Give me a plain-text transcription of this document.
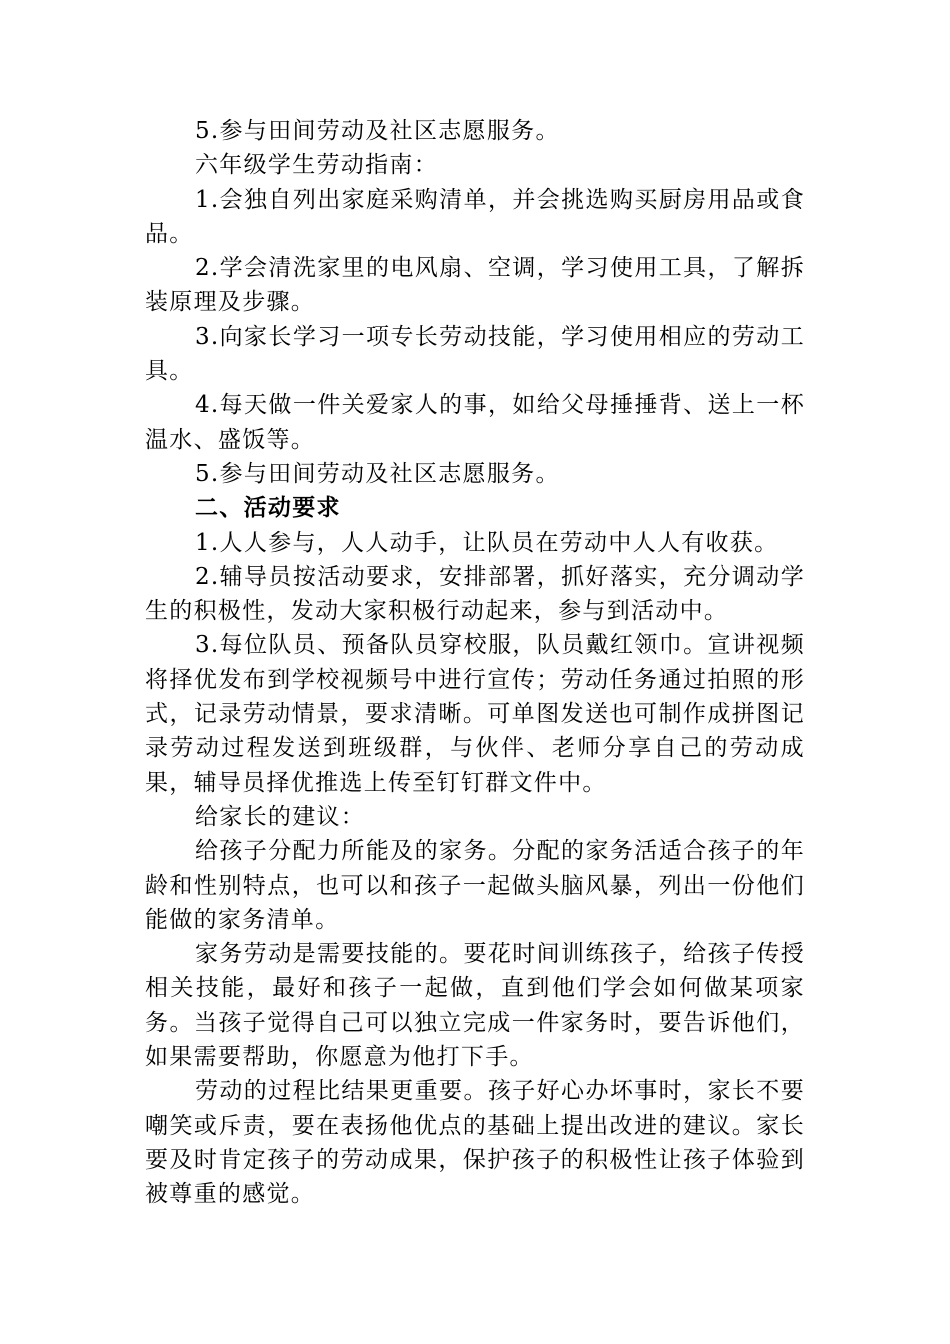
5.参与田间劳动及社区志愿服务。

六年级学生劳动指南：

1.会独自列出家庭采购清单，并会挑选购买厨房用品或食品。

2.学会清洗家里的电风扇、空调，学习使用工具，了解拆装原理及步骤。

3.向家长学习一项专长劳动技能，学习使用相应的劳动工具。

4.每天做一件关爱家人的事，如给父母捶捶背、送上一杯温水、盛饭等。

5.参与田间劳动及社区志愿服务。

二、活动要求

1.人人参与，人人动手，让队员在劳动中人人有收获。

2.辅导员按活动要求，安排部署，抓好落实，充分调动学生的积极性，发动大家积极行动起来，参与到活动中。

3.每位队员、预备队员穿校服，队员戴红领巾。宣讲视频将择优发布到学校视频号中进行宣传；劳动任务通过拍照的形式，记录劳动情景，要求清晰。可单图发送也可制作成拼图记录劳动过程发送到班级群，与伙伴、老师分享自己的劳动成果，辅导员择优推选上传至钉钉群文件中。

给家长的建议：

给孩子分配力所能及的家务。分配的家务活适合孩子的年龄和性别特点，也可以和孩子一起做头脑风暴，列出一份他们能做的家务清单。

家务劳动是需要技能的。要花时间训练孩子，给孩子传授相关技能，最好和孩子一起做，直到他们学会如何做某项家务。当孩子觉得自己可以独立完成一件家务时，要告诉他们，如果需要帮助，你愿意为他打下手。

劳动的过程比结果更重要。孩子好心办坏事时，家长不要嘲笑或斥责，要在表扬他优点的基础上提出改进的建议。家长要及时肯定孩子的劳动成果，保护孩子的积极性让孩子体验到被尊重的感觉。
